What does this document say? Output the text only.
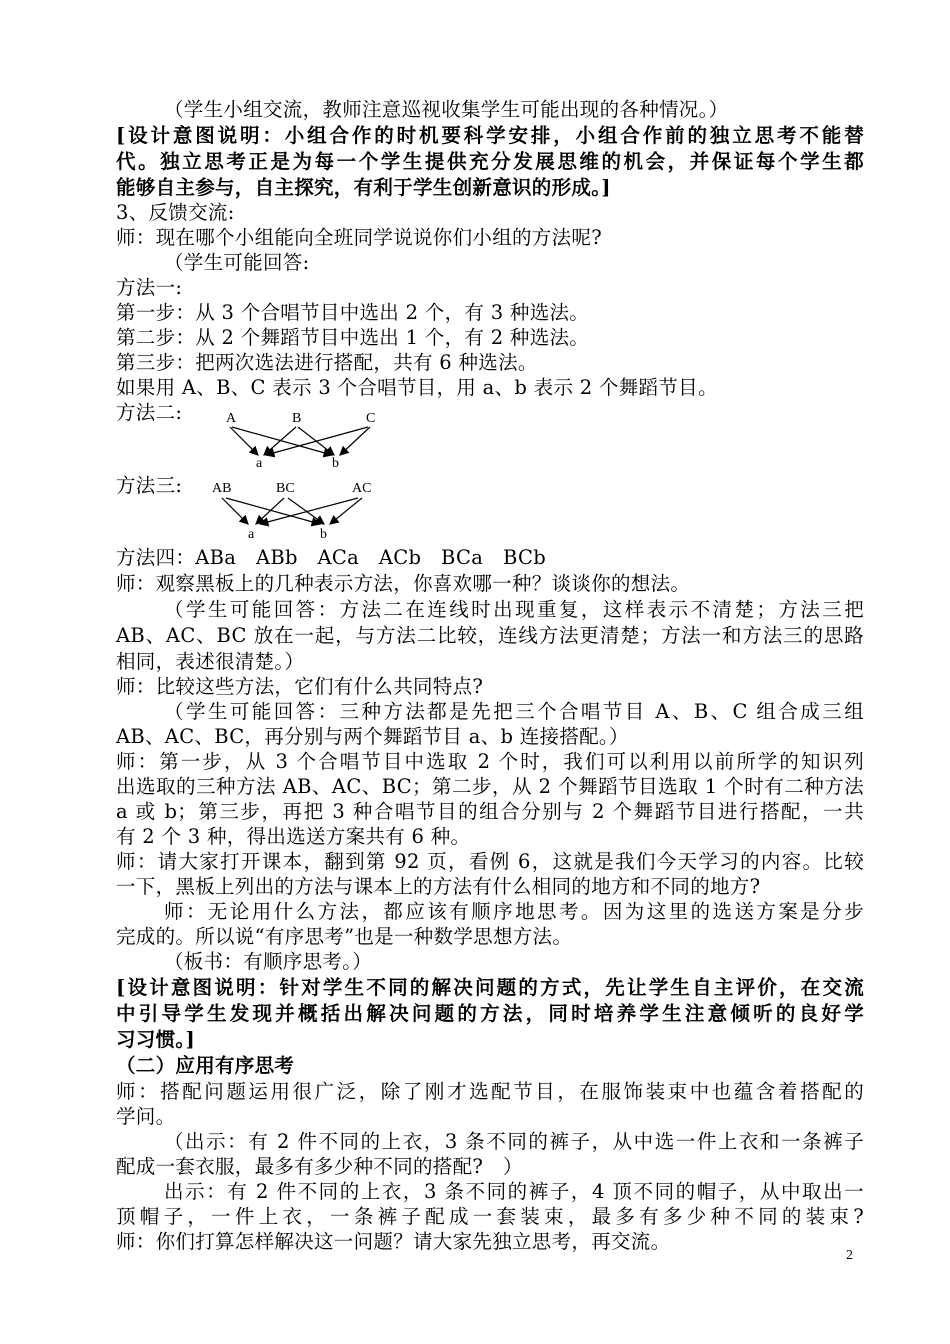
（学生小组交流，教师注意巡视收集学生可能出现的各种情况。）
[设计意图说明：小组合作的时机要科学安排，小组合作前的独立思考不能替
代。独立思考正是为每一个学生提供充分发展思维的机会，并保证每个学生都
能够自主参与，自主探究，有利于学生创新意识的形成。]
3、反馈交流:
师：现在哪个小组能向全班同学说说你们小组的方法呢?
（学生可能回答:
方法一:
第一步：从 3 个合唱节目中选出 2 个，有 3 种选法。
第二步：从 2 个舞蹈节目中选出 1 个，有 2 种选法。
第三步：把两次选法进行搭配，共有 6 种选法。
如果用 A、B、C 表示 3 个合唱节目，用 a、b 表示 2 个舞蹈节目。
方法二:	A	B	C
a	b
方法三:	AB	BC	AC
a	b
方法四：ABa　ABb　ACa　ACb　BCa　BCb
师：观察黑板上的几种表示方法，你喜欢哪一种？谈谈你的想法。
（学生可能回答：方法二在连线时出现重复，这样表示不清楚；方法三把
AB、AC、BC 放在一起，与方法二比较，连线方法更清楚；方法一和方法三的思路
相同，表述很清楚。）
师：比较这些方法，它们有什么共同特点?
（学生可能回答：三种方法都是先把三个合唱节目 A、B、C 组合成三组
AB、AC、BC，再分别与两个舞蹈节目 a、b 连接搭配。）
师：第一步，从 3 个合唱节目中选取 2 个时，我们可以利用以前所学的知识列
出选取的三种方法 AB、AC、BC；第二步，从 2 个舞蹈节目选取 1 个时有二种方法
a 或 b；第三步，再把 3 种合唱节目的组合分别与 2 个舞蹈节目进行搭配，一共
有 2 个 3 种，得出选送方案共有 6 种。
师：请大家打开课本，翻到第 92 页，看例 6，这就是我们今天学习的内容。比较
一下，黑板上列出的方法与课本上的方法有什么相同的地方和不同的地方?
师：无论用什么方法，都应该有顺序地思考。因为这里的选送方案是分步
完成的。所以说“有序思考”也是一种数学思想方法。
（板书：有顺序思考。）
[设计意图说明：针对学生不同的解决问题的方式，先让学生自主评价，在交流
中引导学生发现并概括出解决问题的方法，同时培养学生注意倾听的良好学
习习惯。]
（二）应用有序思考
师：搭配问题运用很广泛，除了刚才选配节目，在服饰装束中也蕴含着搭配的
学问。
（出示：有 2 件不同的上衣，3 条不同的裤子，从中选一件上衣和一条裤子
配成一套衣服，最多有多少种不同的搭配?　）
出示：有 2 件不同的上衣，3 条不同的裤子，4 顶不同的帽子，从中取出一
顶帽子，一件上衣，一条裤子配成一套装束，最多有多少种不同的装束?
师：你们打算怎样解决这一问题？请大家先独立思考，再交流。
2
